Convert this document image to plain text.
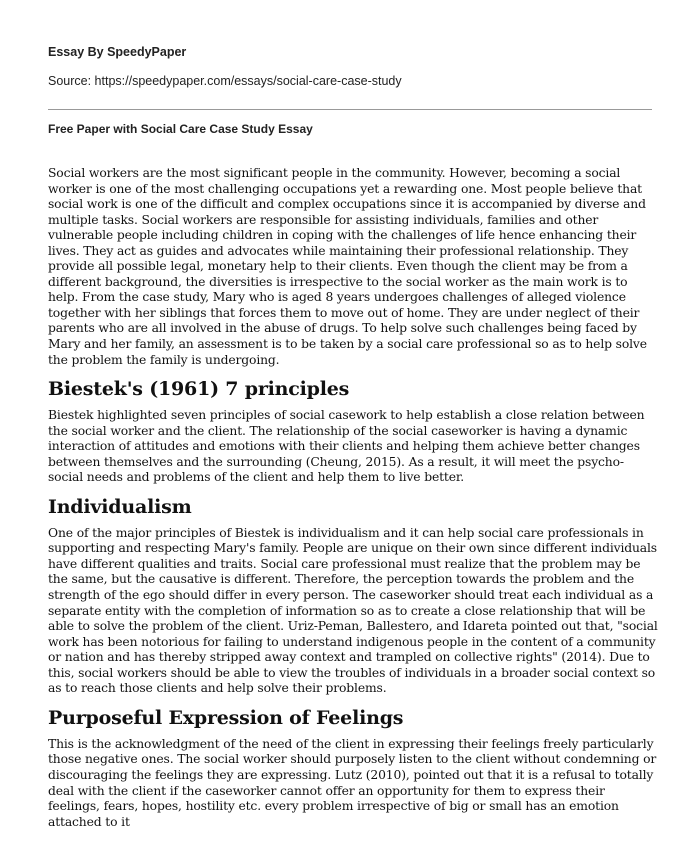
Essay By SpeedyPaper
Source: https://speedypaper.com/essays/social-care-case-study
Free Paper with Social Care Case Study Essay

Social workers are the most significant people in the community. However, becoming a social worker is one of the most challenging occupations yet a rewarding one. Most people believe that social work is one of the difficult and complex occupations since it is accompanied by diverse and multiple tasks. Social workers are responsible for assisting individuals, families and other vulnerable people including children in coping with the challenges of life hence enhancing their lives. They act as guides and advocates while maintaining their professional relationship. They provide all possible legal, monetary help to their clients. Even though the client may be from a different background, the diversities is irrespective to the social worker as the main work is to help. From the case study, Mary who is aged 8 years undergoes challenges of alleged violence together with her siblings that forces them to move out of home. They are under neglect of their parents who are all involved in the abuse of drugs. To help solve such challenges being faced by Mary and her family, an assessment is to be taken by a social care professional so as to help solve the problem the family is undergoing.

Biestek's (1961) 7 principles

Biestek highlighted seven principles of social casework to help establish a close relation between the social worker and the client. The relationship of the social caseworker is having a dynamic interaction of attitudes and emotions with their clients and helping them achieve better changes between themselves and the surrounding (Cheung, 2015). As a result, it will meet the psycho-social needs and problems of the client and help them to live better.

Individualism

One of the major principles of Biestek is individualism and it can help social care professionals in supporting and respecting Mary's family. People are unique on their own since different individuals have different qualities and traits. Social care professional must realize that the problem may be the same, but the causative is different. Therefore, the perception towards the problem and the strength of the ego should differ in every person. The caseworker should treat each individual as a separate entity with the completion of information so as to create a close relationship that will be able to solve the problem of the client. Uriz-Peman, Ballestero, and Idareta pointed out that, "social work has been notorious for failing to understand indigenous people in the content of a community or nation and has thereby stripped away context and trampled on collective rights" (2014). Due to this, social workers should be able to view the troubles of individuals in a broader social context so as to reach those clients and help solve their problems.

Purposeful Expression of Feelings

This is the acknowledgment of the need of the client in expressing their feelings freely particularly those negative ones. The social worker should purposely listen to the client without condemning or discouraging the feelings they are expressing. Lutz (2010), pointed out that it is a refusal to totally deal with the client if the caseworker cannot offer an opportunity for them to express their feelings, fears, hopes, hostility etc. every problem irrespective of big or small has an emotion attached to it
